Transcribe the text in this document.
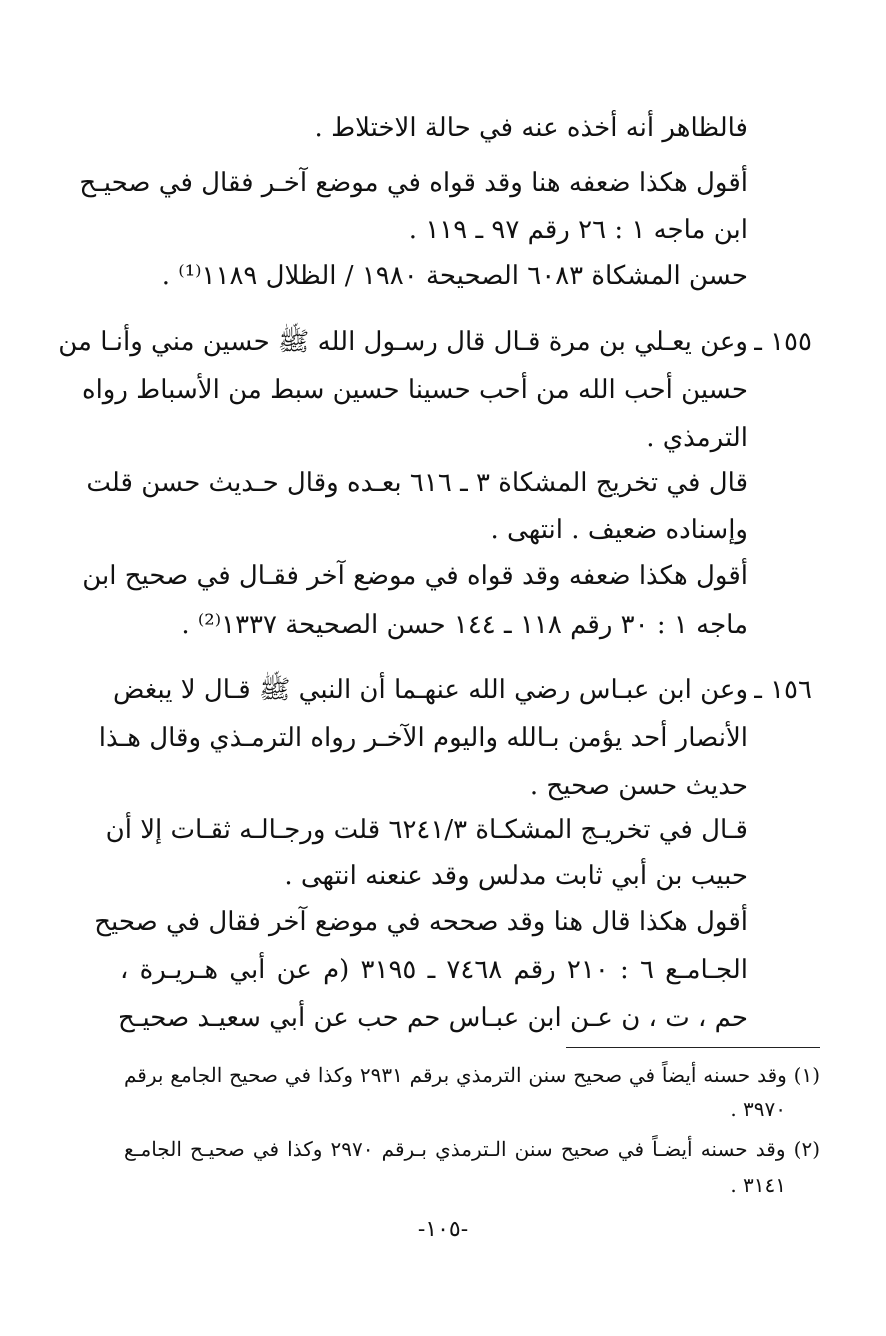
فالظاهر أنه أخذه عنه في حالة الاختلاط .
أقول هكذا ضعفه هنا وقد قواه في موضع آخـر فقال في صحيـح
ابن ماجه ١ : ٢٦ رقم ٩٧ ـ ١١٩ .
حسن المشكاة ٦٠٨٣ الصحيحة ١٩٨٠ / الظلال ١١٨٩⁽¹⁾ .
١٥٥ ـ
وعن يعـلي بن مرة قـال قال رسـول الله ﷺ حسين مني وأنـا من
حسين أحب الله من أحب حسينا حسين سبط من الأسباط رواه
الترمذي .
قال في تخريج المشكاة ٣ ـ ٦١٦ بعـده وقال حـديث حسن قلت
وإسناده ضعيف . انتهى .
أقول هكذا ضعفه وقد قواه في موضع آخر فقـال في صحيح ابن
ماجه ١ : ٣٠ رقم ١١٨ ـ ١٤٤ حسن الصحيحة ١٣٣٧⁽²⁾ .
١٥٦ ـ
وعن ابن عبـاس رضي الله عنهـما أن النبي ﷺ قـال لا يبغض
الأنصار أحد يؤمن بـالله واليوم الآخـر رواه الترمـذي وقال هـذا
حديث حسن صحيح .
قـال في تخريـج المشكـاة ٦٢٤١/٣ قلت ورجـالـه ثقـات إلا أن
حبيب بن أبي ثابت مدلس وقد عنعنه انتهى .
أقول هكذا قال هنا وقد صححه في موضع آخر فقال في صحيح
الجـامـع ٦ : ٢١٠ رقم ٧٤٦٨ ـ ٣١٩٥ (م عن أبي هـريـرة ،
حم ، ت ، ن عـن ابن عبـاس حم حب عن أبي سعيـد صحيـح
(١) وقد حسنه أيضاً في صحيح سنن الترمذي برقم ٢٩٣١ وكذا في صحيح الجامع برقم
٣٩٧٠ .
(٢) وقد حسنه أيضـاً في صحيح سنن الـترمذي بـرقم ٢٩٧٠ وكذا في صحيـح الجامـع
٣١٤١ .
-١٠٥-
